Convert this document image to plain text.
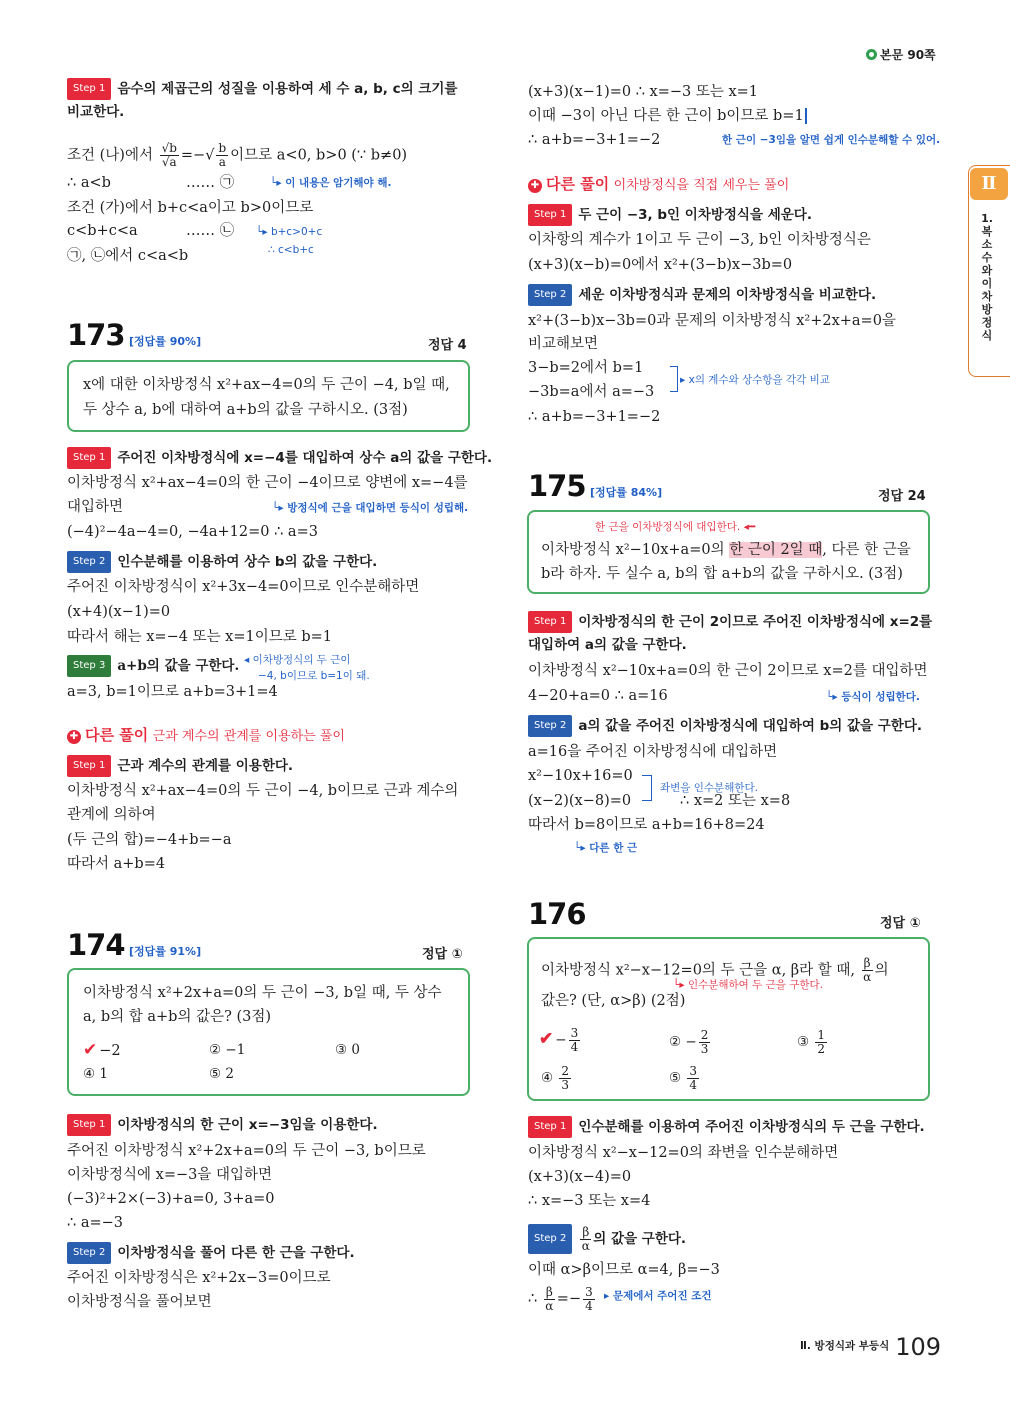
본문 90쪽
Ⅱ
1. 복소수와 이차방정식
Step 1 음수의 제곱근의 성질을 이용하여 세 수 a, b, c의 크기를
비교한다.
조건 (나)에서 $\frac{√b}{√a}$ =−√ $\frac{b}{a}$ 이므로 a<0, b>0 (∵ b≠0)
∴ a<b	…… ㉠	└▸ 이 내용은 암기해야 해.
조건 (가)에서 b+c<a이고 b>0이므로
c<b+c<a	…… ㉡ └▸ b+c>0+c
∴ c<b+c
㉠, ㉡에서 c<a<b
173 [정답률 90%]	정답 4
x에 대한 이차방정식 x²+ax−4=0의 두 근이 −4, b일 때,
두 상수 a, b에 대하여 a+b의 값을 구하시오. (3점)
Step 1 주어진 이차방정식에 x=−4를 대입하여 상수 a의 값을 구한다.
이차방정식 x²+ax−4=0의 한 근이 −4이므로 양변에 x=−4를
대입하면	└▸ 방정식에 근을 대입하면 등식이 성립해.
(−4)²−4a−4=0, −4a+12=0 ∴ a=3
Step 2 인수분해를 이용하여 상수 b의 값을 구한다.
주어진 이차방정식이 x²+3x−4=0이므로 인수분해하면
(x+4)(x−1)=0
따라서 해는 x=−4 또는 x=1이므로 b=1
Step 3 a+b의 값을 구한다. ◂ 이차방정식의 두 근이
−4, b이므로 b=1이 돼.
a=3, b=1이므로 a+b=3+1=4
✚ 다른 풀이 근과 계수의 관계를 이용하는 풀이
Step 1 근과 계수의 관계를 이용한다.
이차방정식 x²+ax−4=0의 두 근이 −4, b이므로 근과 계수의
관계에 의하여
(두 근의 합)=−4+b=−a
따라서 a+b=4
174 [정답률 91%]	정답 ①
이차방정식 x²+2x+a=0의 두 근이 −3, b일 때, 두 상수
a, b의 합 a+b의 값은? (3점)
✔ −2	② −1	③ 0
④ 1	⑤ 2
Step 1 이차방정식의 한 근이 x=−3임을 이용한다.
주어진 이차방정식 x²+2x+a=0의 두 근이 −3, b이므로
이차방정식에 x=−3을 대입하면
(−3)²+2×(−3)+a=0, 3+a=0
∴ a=−3
Step 2 이차방정식을 풀어 다른 한 근을 구한다.
주어진 이차방정식은 x²+2x−3=0이므로
이차방정식을 풀어보면
(x+3)(x−1)=0 ∴ x=−3 또는 x=1
이때 −3이 아닌 다른 한 근이 b이므로 b=1
∴ a+b=−3+1=−2	한 근이 −3임을 알면 쉽게 인수분해할 수 있어.
✚ 다른 풀이 이차방정식을 직접 세우는 풀이
Step 1 두 근이 −3, b인 이차방정식을 세운다.
이차항의 계수가 1이고 두 근이 −3, b인 이차방정식은
(x+3)(x−b)=0에서 x²+(3−b)x−3b=0
Step 2 세운 이차방정식과 문제의 이차방정식을 비교한다.
x²+(3−b)x−3b=0과 문제의 이차방정식 x²+2x+a=0을
비교해보면
3−b=2에서 b=1
−3b=a에서 a=−3
▸ x의 계수와 상수항을 각각 비교
∴ a+b=−3+1=−2
175 [정답률 84%]	정답 24
한 근을 이차방정식에 대입한다. ◂━
이차방정식 x²−10x+a=0의 한 근이 2일 때, 다른 한 근을
b라 하자. 두 실수 a, b의 합 a+b의 값을 구하시오. (3점)
Step 1 이차방정식의 한 근이 2이므로 주어진 이차방정식에 x=2를
대입하여 a의 값을 구한다.
이차방정식 x²−10x+a=0의 한 근이 2이므로 x=2를 대입하면
4−20+a=0 ∴ a=16	└▸ 등식이 성립한다.
Step 2 a의 값을 주어진 이차방정식에 대입하여 b의 값을 구한다.
a=16을 주어진 이차방정식에 대입하면
x²−10x+16=0
(x−2)(x−8)=0	∴ x=2 또는 x=8
좌변을 인수분해한다.
따라서 b=8이므로 a+b=16+8=24
└▸ 다른 한 근
176	정답 ①
이차방정식 x²−x−12=0의 두 근을 α, β라 할 때, $\frac{\beta}{\alpha}$ 의
└▸ 인수분해하여 두 근을 구한다.
값은? (단, α>β) (2점)
✔ − $\frac{3}{4}$	② − $\frac{2}{3}$	③ $\frac{1}{2}$
④ $\frac{2}{3}$	⑤ $\frac{3}{4}$
Step 1 인수분해를 이용하여 주어진 이차방정식의 두 근을 구한다.
이차방정식 x²−x−12=0의 좌변을 인수분해하면
(x+3)(x−4)=0
∴ x=−3 또는 x=4
Step $2 \frac{\beta}{\alpha}$ 의 값을 구한다.
이때 α>β이므로 α=4, β=−3
∴ $\frac{\beta}{\alpha} =- \frac{3}{4}$ ▸ 문제에서 주어진 조건
$^{Ⅱ. 방정식과 부등식}$ 109
